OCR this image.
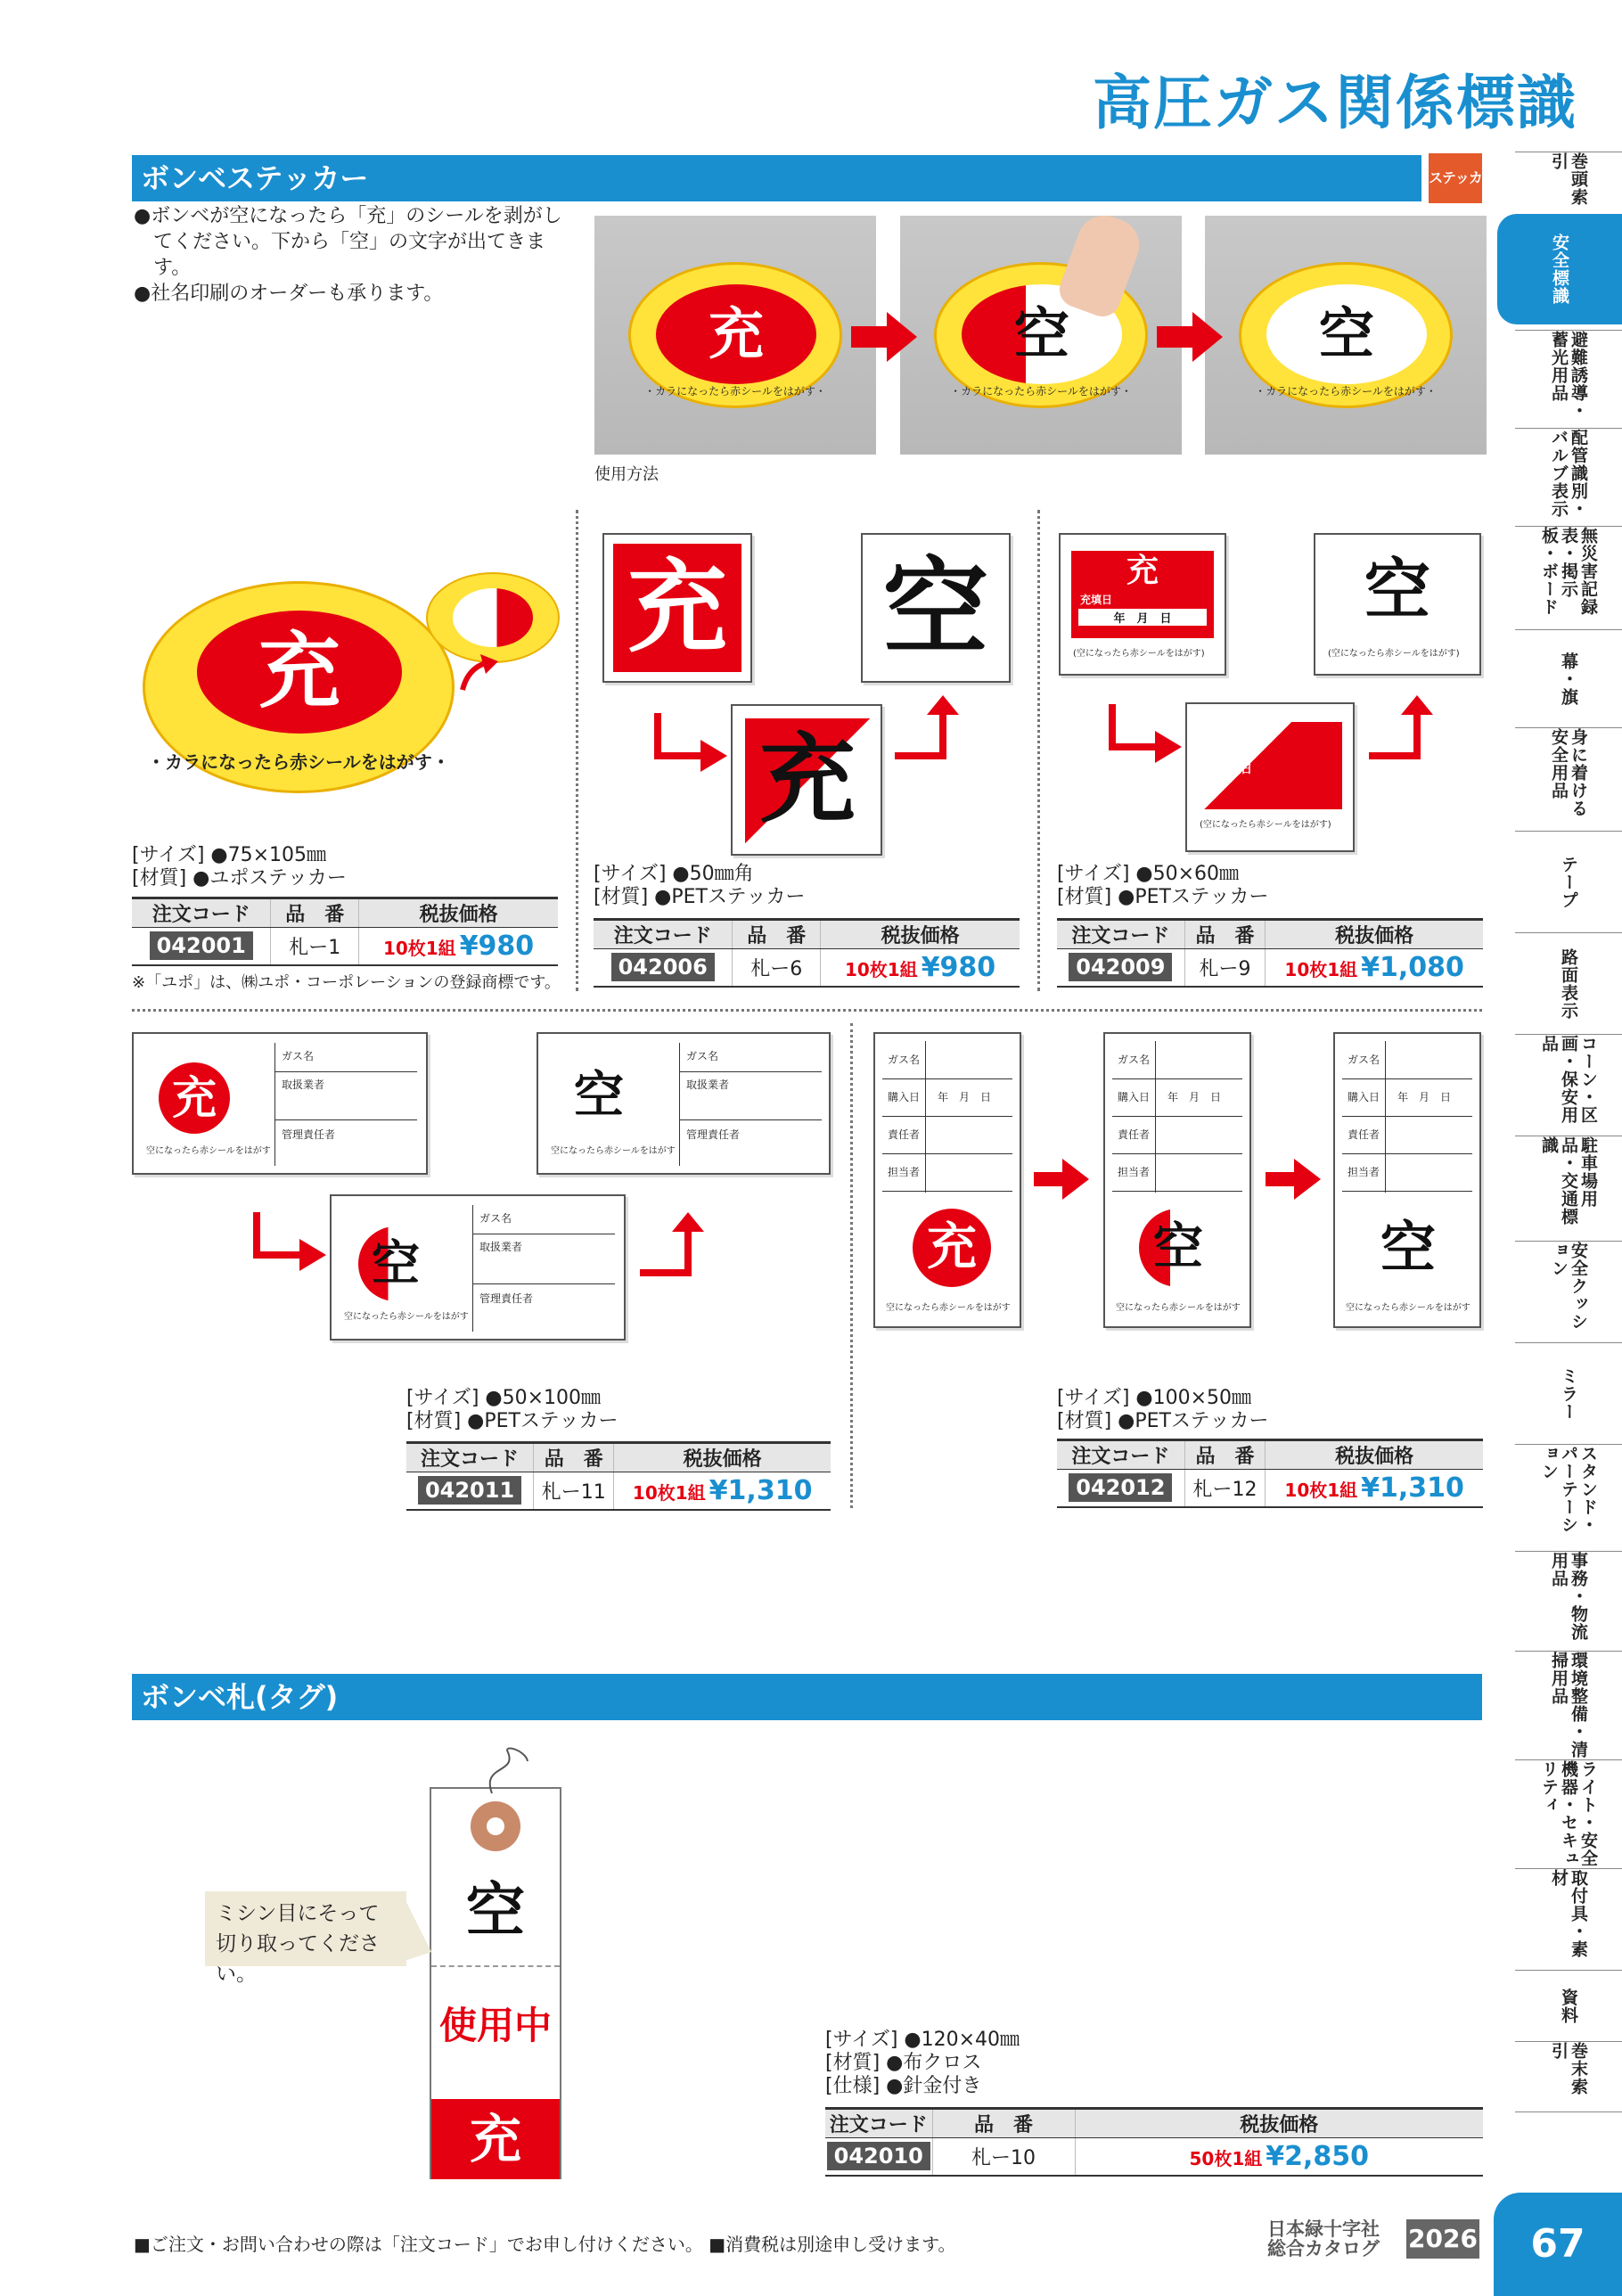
高圧ガス関係標識
ボンベステッカー	ステッカ
●ボンベが空になったら「充」のシールを剥がしてください。下から「空」の文字が出てきます。
●社名印刷のオーダーも承ります。
充
・カラになったら赤シールをはがす・
空
・カラになったら赤シールをはがす・
空
・カラになったら赤シールをはがす・
使用方法
充
・カラになったら赤シールをはがす・
[サイズ] ●75×105㎜
[材質] ●ユポステッカー
注文コード	品　番	税抜価格
042001	札ー1	10枚1組 ¥980
※「ユポ」は、㈱ユポ・コーポレーションの登録商標です。
充 空
充
[サイズ] ●50㎜角
[材質] ●PETステッカー
注文コード	品　番	税抜価格
042006	札ー6	10枚1組 ¥980
充
充填日
年　月　日
(空になったら赤シールをはがす)
空
(空になったら赤シールをはがす)
充填日
(空になったら赤シールをはがす)
[サイズ] ●50×60㎜
[材質] ●PETステッカー
注文コード	品　番	税抜価格
042009	札ー9	10枚1組 ¥1,080
充
空になったら赤シールをはがす
ガス名
取扱業者
管理責任者
空
空になったら赤シールをはがす
ガス名
取扱業者
管理責任者
空
空になったら赤シールをはがす
ガス名
取扱業者
管理責任者
[サイズ] ●50×100㎜
[材質] ●PETステッカー
注文コード	品　番	税抜価格
042011	札ー11	10枚1組 ¥1,310
ガス名
購入日 年　月　日
責任者
担当者
充
空になったら赤シールをはがす
ガス名
購入日 年　月　日
責任者
担当者
空
空になったら赤シールをはがす
ガス名
購入日 年　月　日
責任者
担当者
空
空になったら赤シールをはがす
[サイズ] ●100×50㎜
[材質] ●PETステッカー
注文コード	品　番	税抜価格
042012	札ー12	10枚1組 ¥1,310
ボンベ札(タグ)
空
使用中
充
ミシン目にそって切り取ってください。
[サイズ] ●120×40㎜
[材質] ●布クロス
[仕様] ●針金付き
注文コード	品　番	税抜価格
042010	札ー10	50枚1組 ¥2,850
巻頭索引
安全標識
避難誘導・蓄光用品
配管識別・バルブ表示
無災害記録表・掲示板・ボード
幕・旗
身に着ける安全用品
テープ
路面表示
コーン・区画・保安用品
駐車場用品・交通標識
安全クッション
ミラー
スタンド・パーテーション
事務・物流用品
環境整備・清掃用品
ライト・安全機器・セキュリティ
取付具・素材
資料
巻末索引
■ご注文・お問い合わせの際は「注文コード」でお申し付けください。 ■消費税は別途申し受けます。
日本緑十字社
総合カタログ 2026	67
